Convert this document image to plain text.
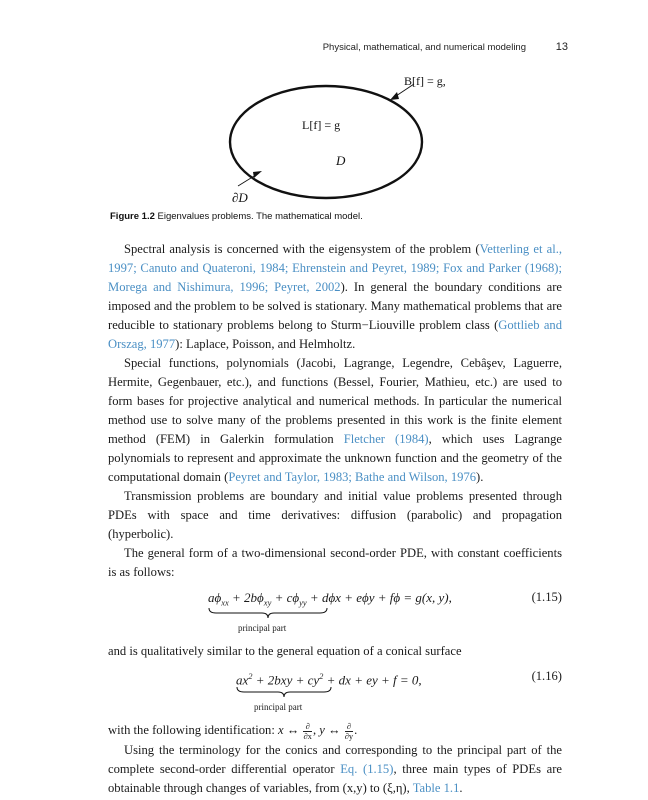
Physical, mathematical, and numerical modeling	13
B[f] = g,
L[f] = g
D
∂D
Figure 1.2 Eigenvalues problems. The mathematical model.

Spectral analysis is concerned with the eigensystem of the problem (Vetterling et al., 1997; Canuto and Quateroni, 1984; Ehrenstein and Peyret, 1989; Fox and Parker (1968); Morega and Nishimura, 1996; Peyret, 2002). In general the boundary conditions are imposed and the problem to be solved is stationary. Many mathematical problems that are reducible to stationary problems belong to Sturm−Liouville problem class (Gottlieb and Orszag, 1977): Laplace, Poisson, and Helmholtz.

Special functions, polynomials (Jacobi, Lagrange, Legendre, Cebâşev, Laguerre, Hermite, Gegenbauer, etc.), and functions (Bessel, Fourier, Mathieu, etc.) are used to form bases for projective analytical and numerical methods. In particular the numerical method use to solve many of the problems presented in this work is the finite element method (FEM) in Galerkin formulation Fletcher (1984), which uses Lagrange polynomials to represent and approximate the unknown function and the geometry of the computational domain (Peyret and Taylor, 1983; Bathe and Wilson, 1976).

Transmission problems are boundary and initial value problems presented through PDEs with space and time derivatives: diffusion (parabolic) and propagation (hyperbolic).

The general form of a two-dimensional second-order PDE, with constant coefficients is as follows:

$a\phi_{xx} + 2b\phi_{xy} + c\phi_{yy} + d\phi x + e\phi y + f\phi = g(x$, y),	(1.15)
principal part

and is qualitatively similar to the general equation of a conical surface

$ax^2 + 2bxy + cy^2$ + dx + ey + f = 0,	(1.16)
principal part

with the following identification: x ↔ $\frac{\partial}{\partial x}$ , y ↔ $\frac{\partial}{\partial y}$ .

Using the terminology for the conics and corresponding to the principal part of the complete second-order differential operator Eq. (1.15), three main types of PDEs are obtainable through changes of variables, from (x,y) to (ξ,η), Table 1.1.
